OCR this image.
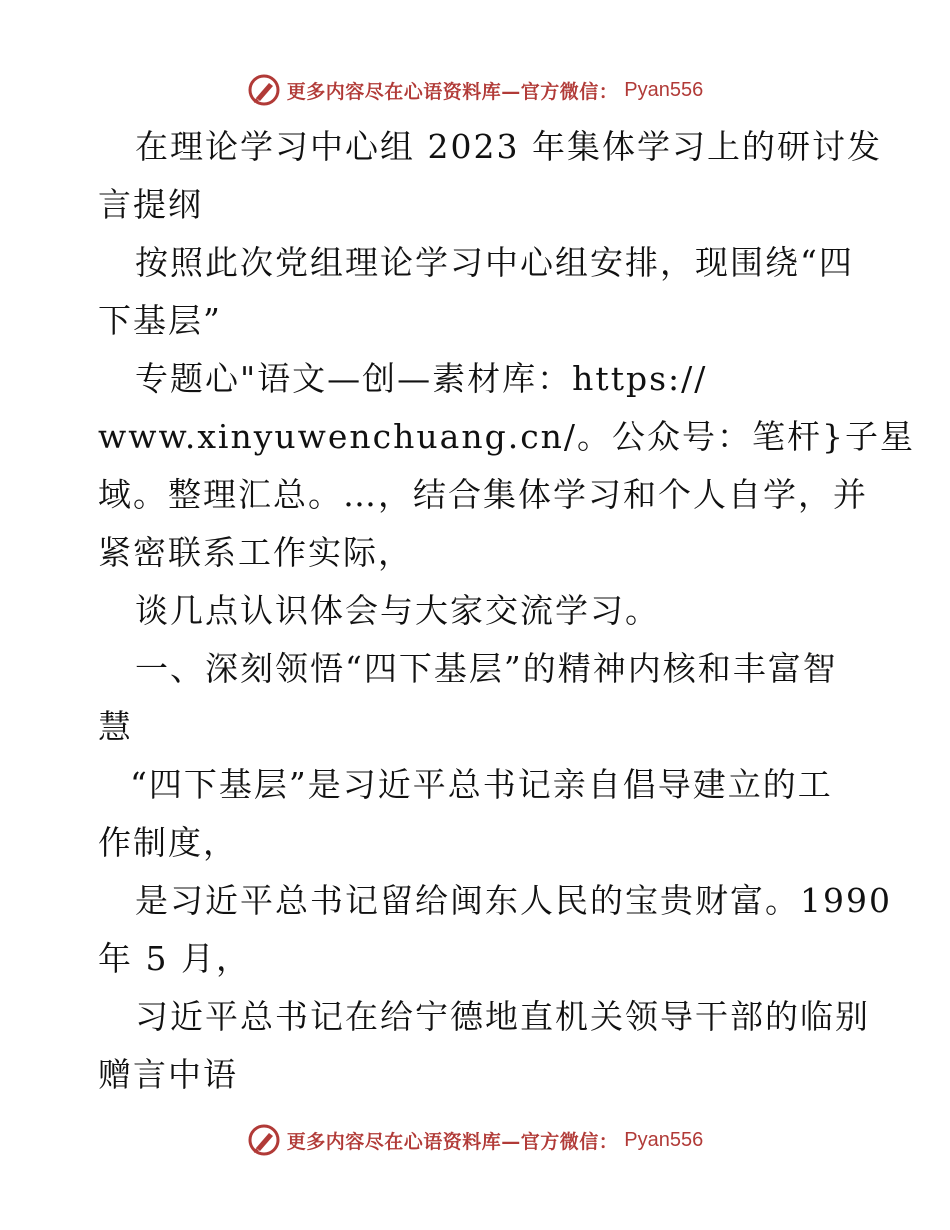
更多内容尽在心语资料库—官方微信： Pyan556

在理论学习中心组 2023 年集体学习上的研讨发

言提纲

按照此次党组理论学习中心组安排，现围绕“四

下基层”

专题心"语文—创—素材库：https://

www.xinyuwenchuang.cn/。公众号：笔杆}子星

域。整理汇总。…，结合集体学习和个人自学，并

紧密联系工作实际，

谈几点认识体会与大家交流学习。

一、深刻领悟“四下基层”的精神内核和丰富智

慧

“四下基层”是习近平总书记亲自倡导建立的工

作制度，

是习近平总书记留给闽东人民的宝贵财富。1990

年 5 月，

习近平总书记在给宁德地直机关领导干部的临别

赠言中语

更多内容尽在心语资料库—官方微信： Pyan556
